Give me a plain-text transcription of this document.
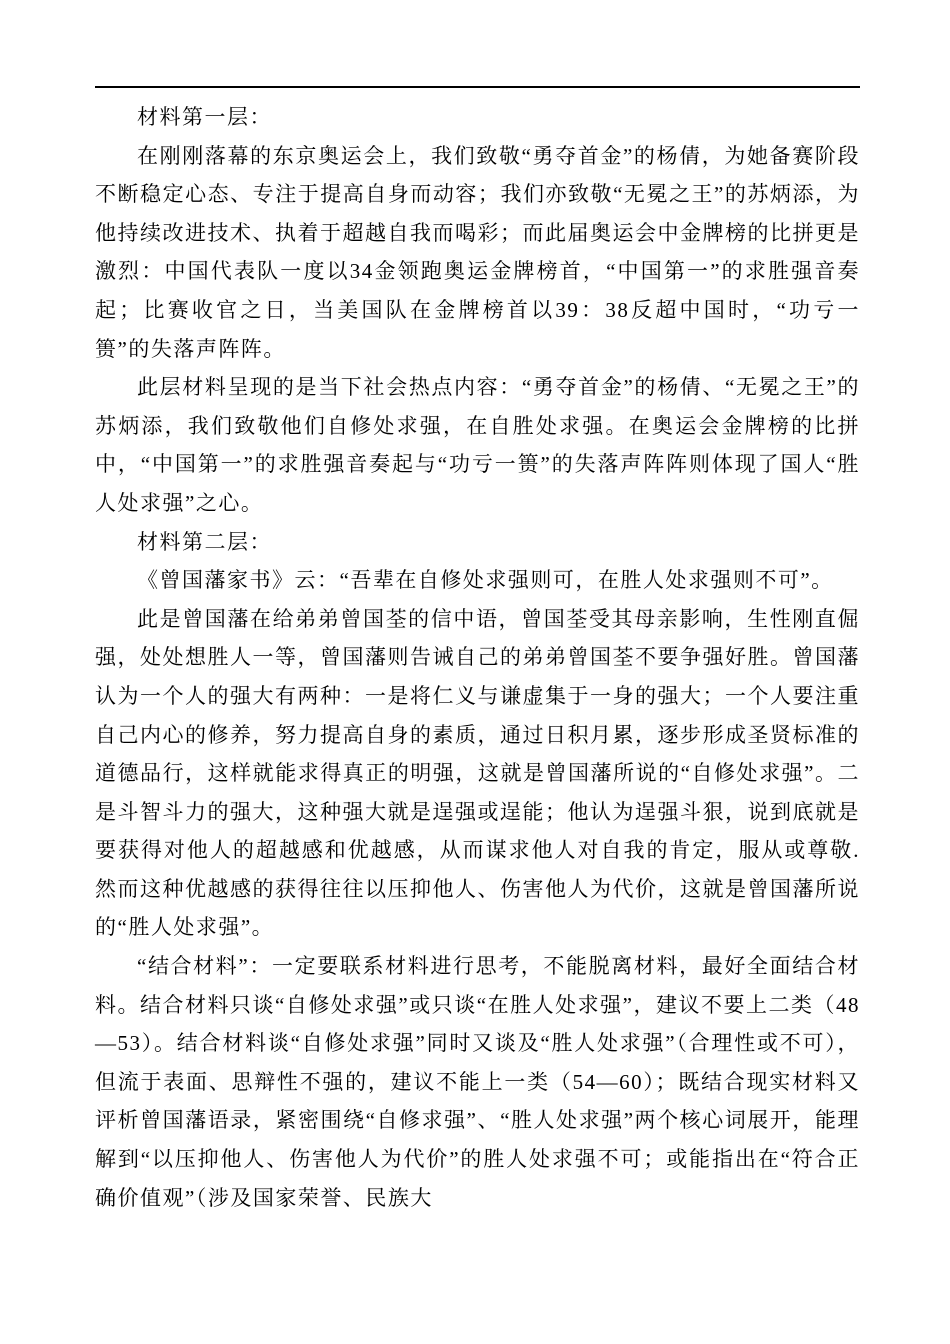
材料第一层：

在刚刚落幕的东京奥运会上，我们致敬“勇夺首金”的杨倩，为她备赛阶段不断稳定心态、专注于提高自身而动容；我们亦致敬“无冕之王”的苏炳添，为他持续改进技术、执着于超越自我而喝彩；而此届奥运会中金牌榜的比拼更是激烈：中国代表队一度以34金领跑奥运金牌榜首，“中国第一”的求胜强音奏起；比赛收官之日，当美国队在金牌榜首以39：38反超中国时，“功亏一篑”的失落声阵阵。

此层材料呈现的是当下社会热点内容：“勇夺首金”的杨倩、“无冕之王”的苏炳添，我们致敬他们自修处求强，在自胜处求强。在奥运会金牌榜的比拼中，“中国第一”的求胜强音奏起与“功亏一篑”的失落声阵阵则体现了国人“胜人处求强”之心。

材料第二层：

《曾国藩家书》云：“吾辈在自修处求强则可，在胜人处求强则不可”。

此是曾国藩在给弟弟曾国荃的信中语，曾国荃受其母亲影响，生性刚直倔强，处处想胜人一等，曾国藩则告诫自己的弟弟曾国荃不要争强好胜。曾国藩认为一个人的强大有两种：一是将仁义与谦虚集于一身的强大；一个人要注重自己内心的修养，努力提高自身的素质，通过日积月累，逐步形成圣贤标准的道德品行，这样就能求得真正的明强，这就是曾国藩所说的“自修处求强”。二是斗智斗力的强大，这种强大就是逞强或逞能；他认为逞强斗狠，说到底就是要获得对他人的超越感和优越感，从而谋求他人对自我的肯定，服从或尊敬. 然而这种优越感的获得往往以压抑他人、伤害他人为代价，这就是曾国藩所说的“胜人处求强”。

“结合材料”：一定要联系材料进行思考，不能脱离材料，最好全面结合材料。结合材料只谈“自修处求强”或只谈“在胜人处求强”，建议不要上二类（48—53）。结合材料谈“自修处求强”同时又谈及“胜人处求强”（合理性或不可），但流于表面、思辩性不强的，建议不能上一类（54—60）；既结合现实材料又评析曾国藩语录，紧密围绕“自修求强”、“胜人处求强”两个核心词展开，能理解到“以压抑他人、伤害他人为代价”的胜人处求强不可；或能指出在“符合正确价值观”（涉及国家荣誉、民族大
